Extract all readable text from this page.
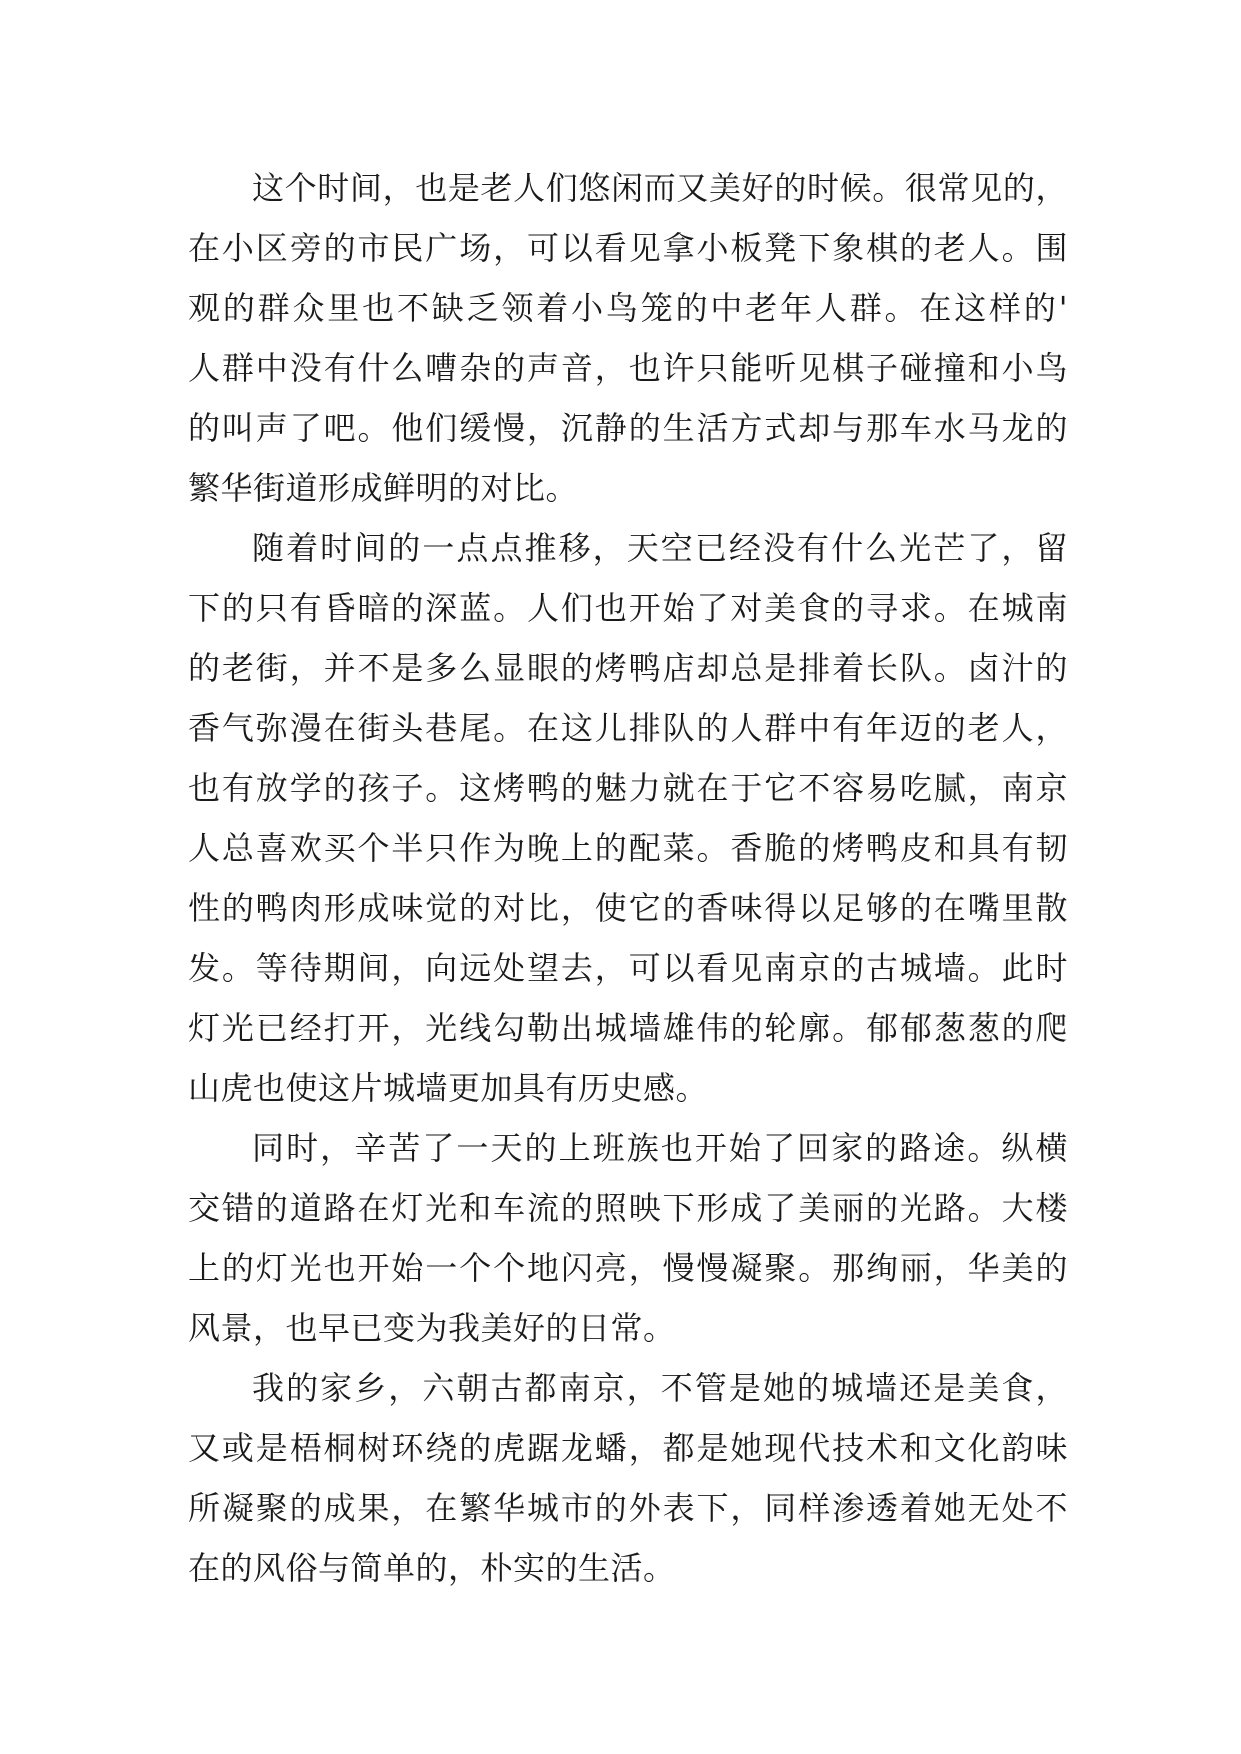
这个时间，也是老人们悠闲而又美好的时候。很常见的，
在小区旁的市民广场，可以看见拿小板凳下象棋的老人。围
观的群众里也不缺乏领着小鸟笼的中老年人群。在这样的'
人群中没有什么嘈杂的声音，也许只能听见棋子碰撞和小鸟
的叫声了吧。他们缓慢，沉静的生活方式却与那车水马龙的
繁华街道形成鲜明的对比。
随着时间的一点点推移，天空已经没有什么光芒了，留
下的只有昏暗的深蓝。人们也开始了对美食的寻求。在城南
的老街，并不是多么显眼的烤鸭店却总是排着长队。卤汁的
香气弥漫在街头巷尾。在这儿排队的人群中有年迈的老人，
也有放学的孩子。这烤鸭的魅力就在于它不容易吃腻，南京
人总喜欢买个半只作为晚上的配菜。香脆的烤鸭皮和具有韧
性的鸭肉形成味觉的对比，使它的香味得以足够的在嘴里散
发。等待期间，向远处望去，可以看见南京的古城墙。此时
灯光已经打开，光线勾勒出城墙雄伟的轮廓。郁郁葱葱的爬
山虎也使这片城墙更加具有历史感。
同时，辛苦了一天的上班族也开始了回家的路途。纵横
交错的道路在灯光和车流的照映下形成了美丽的光路。大楼
上的灯光也开始一个个地闪亮，慢慢凝聚。那绚丽，华美的
风景，也早已变为我美好的日常。
我的家乡，六朝古都南京，不管是她的城墙还是美食，
又或是梧桐树环绕的虎踞龙蟠，都是她现代技术和文化韵味
所凝聚的成果，在繁华城市的外表下，同样渗透着她无处不
在的风俗与简单的，朴实的生活。
